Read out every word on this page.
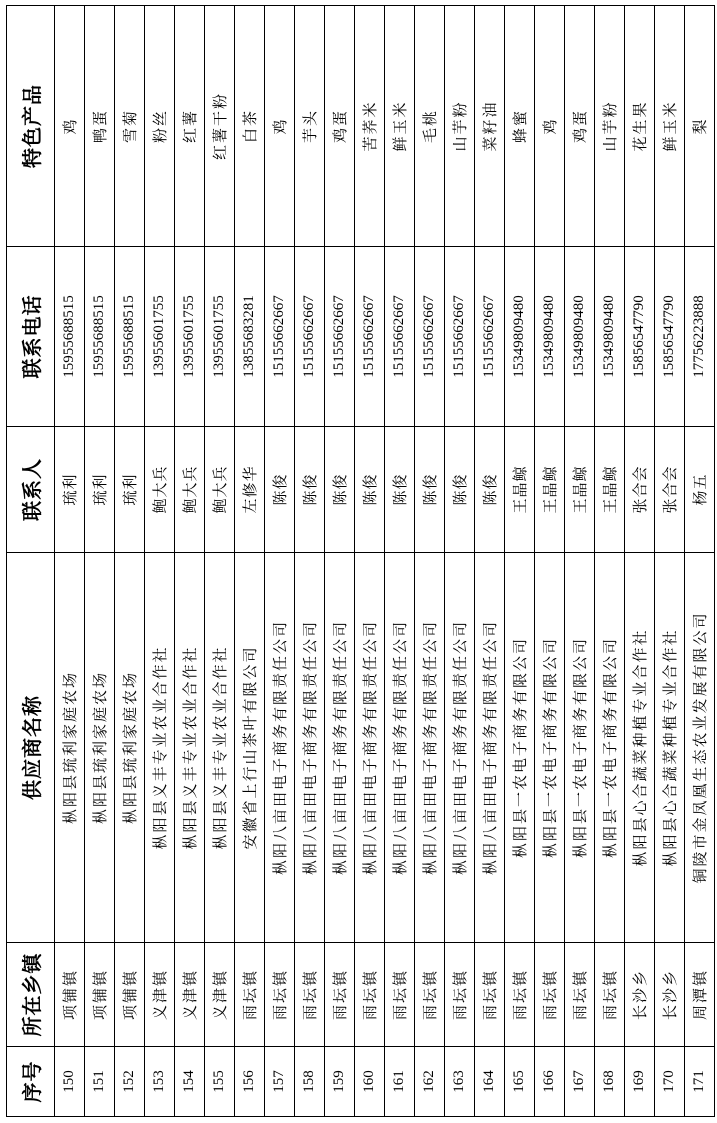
序号	所在乡镇	供应商名称	联系人	联系电话	特色产品
150	项铺镇	枞阳县琉利家庭农场	琉利	15955688515	鸡
151	项铺镇	枞阳县琉利家庭农场	琉利	15955688515	鸭蛋
152	项铺镇	枞阳县琉利家庭农场	琉利	15955688515	雪菊
153	义津镇	枞阳县义丰专业农业合作社	鲍大兵	13955601755	粉丝
154	义津镇	枞阳县义丰专业农业合作社	鲍大兵	13955601755	红薯
155	义津镇	枞阳县义丰专业农业合作社	鲍大兵	13955601755	红薯干粉
156	雨坛镇	安徽省上行山茶叶有限公司	左修华	13855683281	白茶
157	雨坛镇	枞阳八亩田电子商务有限责任公司	陈俊	15155662667	鸡
158	雨坛镇	枞阳八亩田电子商务有限责任公司	陈俊	15155662667	芋头
159	雨坛镇	枞阳八亩田电子商务有限责任公司	陈俊	15155662667	鸡蛋
160	雨坛镇	枞阳八亩田电子商务有限责任公司	陈俊	15155662667	苦荞米
161	雨坛镇	枞阳八亩田电子商务有限责任公司	陈俊	15155662667	鲜玉米
162	雨坛镇	枞阳八亩田电子商务有限责任公司	陈俊	15155662667	毛桃
163	雨坛镇	枞阳八亩田电子商务有限责任公司	陈俊	15155662667	山芋粉
164	雨坛镇	枞阳八亩田电子商务有限责任公司	陈俊	15155662667	菜籽油
165	雨坛镇	枞阳县一农电子商务有限公司	王晶鲸	15349809480	蜂蜜
166	雨坛镇	枞阳县一农电子商务有限公司	王晶鲸	15349809480	鸡
167	雨坛镇	枞阳县一农电子商务有限公司	王晶鲸	15349809480	鸡蛋
168	雨坛镇	枞阳县一农电子商务有限公司	王晶鲸	15349809480	山芋粉
169	长沙乡	枞阳县心合蔬菜种植专业合作社	张合会	15856547790	花生果
170	长沙乡	枞阳县心合蔬菜种植专业合作社	张合会	15856547790	鲜玉米
171	周潭镇	铜陵市金凤凰生态农业发展有限公司	杨五	17756223888	梨
